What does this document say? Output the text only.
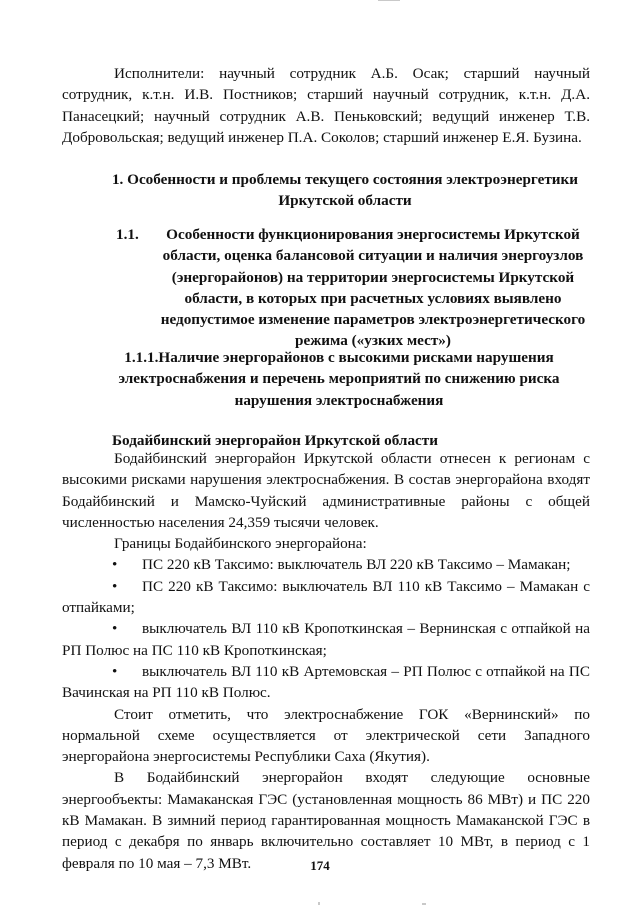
Исполнители: научный сотрудник А.Б. Осак; старший научный сотрудник, к.т.н. И.В. Постников; старший научный сотрудник, к.т.н. Д.А. Панасецкий; научный сотрудник А.В. Пеньковский; ведущий инженер Т.В. Добровольская; ведущий инженер П.А. Соколов; старший инженер Е.Я. Бузина.

1. Особенности и проблемы текущего состояния электроэнергетики Иркутской области

1.1.	Особенности функционирования энергосистемы Иркутской области, оценка балансовой ситуации и наличия энергоузлов (энергорайонов) на территории энергосистемы Иркутской области, в которых при расчетных условиях выявлено недопустимое изменение параметров электроэнергетического режима («узких мест»)

1.1.1.Наличие энергорайонов с высокими рисками нарушения электроснабжения и перечень мероприятий по снижению риска нарушения электроснабжения

Бодайбинский энергорайон Иркутской области

Бодайбинский энергорайон Иркутской области отнесен к регионам с высокими рисками нарушения электроснабжения. В состав энергорайона входят Бодайбинский и Мамско-Чуйский административные районы с общей численностью населения 24,359 тысячи человек.

Границы Бодайбинского энергорайона:

• ПС 220 кВ Таксимо: выключатель ВЛ 220 кВ Таксимо – Мамакан;
• ПС 220 кВ Таксимо: выключатель ВЛ 110 кВ Таксимо – Мамакан с отпайками;
• выключатель ВЛ 110 кВ Кропоткинская – Вернинская с отпайкой на РП Полюс на ПС 110 кВ Кропоткинская;
• выключатель ВЛ 110 кВ Артемовская – РП Полюс с отпайкой на ПС Вачинская на РП 110 кВ Полюс.

Стоит отметить, что электроснабжение ГОК «Вернинский» по нормальной схеме осуществляется от электрической сети Западного энергорайона энергосистемы Республики Саха (Якутия).

В Бодайбинский энергорайон входят следующие основные энергообъекты: Мамаканская ГЭС (установленная мощность 86 МВт) и ПС 220 кВ Мамакан. В зимний период гарантированная мощность Мамаканской ГЭС в период с декабря по январь включительно составляет 10 МВт, в период с 1 февраля по 10 мая – 7,3 МВт.	174
